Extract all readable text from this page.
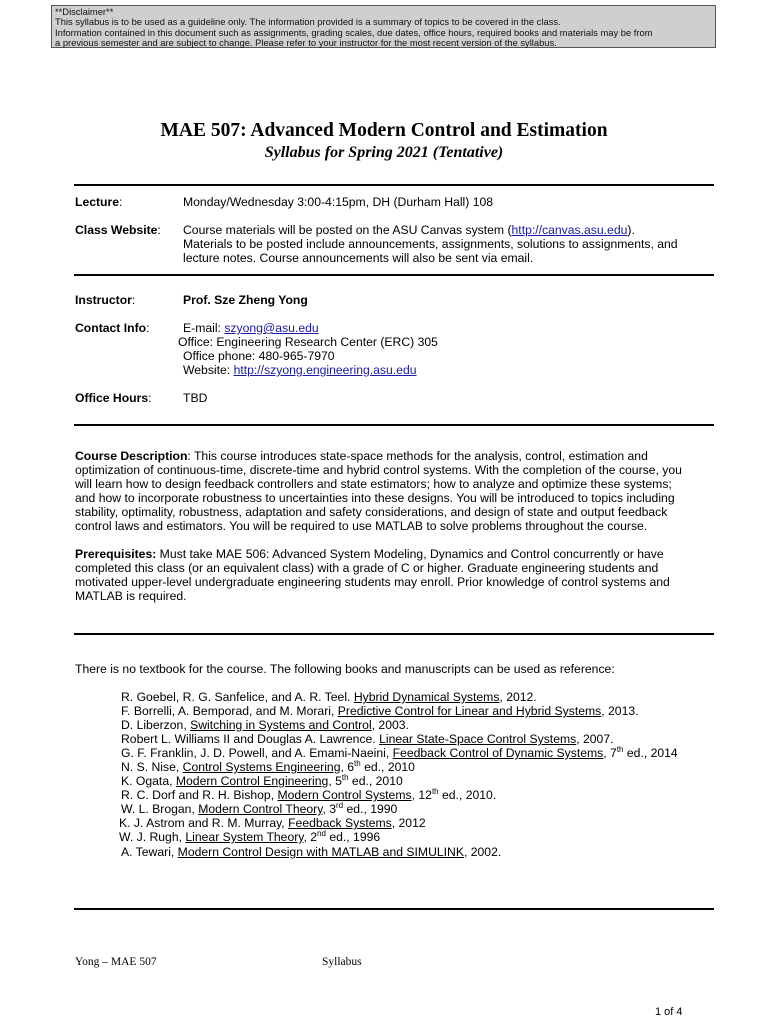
**Disclaimer**
This syllabus is to be used as a guideline only. The information provided is a summary of topics to be covered in the class.
Information contained in this document such as assignments, grading scales, due dates, office hours, required books and materials may be from
a previous semester and are subject to change. Please refer to your instructor for the most recent version of the syllabus.
MAE 507: Advanced Modern Control and Estimation
Syllabus for Spring 2021 (Tentative)
Lecture:	Monday/Wednesday 3:00-4:15pm, DH (Durham Hall) 108
Class Website: Course materials will be posted on the ASU Canvas system (http://canvas.asu.edu).
Materials to be posted include announcements, assignments, solutions to assignments, and
lecture notes. Course announcements will also be sent via email.
Instructor:	Prof. Sze Zheng Yong
Contact Info:	E-mail: szyong@asu.edu
Office: Engineering Research Center (ERC) 305
Office phone: 480-965-7970
Website: http://szyong.engineering.asu.edu
Office Hours:	TBD
Course Description: This course introduces state-space methods for the analysis, control, estimation and
optimization of continuous-time, discrete-time and hybrid control systems. With the completion of the course, you
will learn how to design feedback controllers and state estimators; how to analyze and optimize these systems;
and how to incorporate robustness to uncertainties into these designs. You will be introduced to topics including
stability, optimality, robustness, adaptation and safety considerations, and design of state and output feedback
control laws and estimators. You will be required to use MATLAB to solve problems throughout the course.
Prerequisites: Must take MAE 506: Advanced System Modeling, Dynamics and Control concurrently or have
completed this class (or an equivalent class) with a grade of C or higher. Graduate engineering students and
motivated upper-level undergraduate engineering students may enroll. Prior knowledge of control systems and
MATLAB is required.
There is no textbook for the course. The following books and manuscripts can be used as reference:
R. Goebel, R. G. Sanfelice, and A. R. Teel. Hybrid Dynamical Systems, 2012.
F. Borrelli, A. Bemporad, and M. Morari, Predictive Control for Linear and Hybrid Systems, 2013.
D. Liberzon, Switching in Systems and Control, 2003.
Robert L. Williams II and Douglas A. Lawrence. Linear State-Space Control Systems, 2007.
G. F. Franklin, J. D. Powell, and A. Emami-Naeini, Feedback Control of Dynamic Systems, 7th ed., 2014
N. S. Nise, Control Systems Engineering, 6th ed., 2010
K. Ogata, Modern Control Engineering, 5th ed., 2010
R. C. Dorf and R. H. Bishop, Modern Control Systems, 12th ed., 2010.
W. L. Brogan, Modern Control Theory, 3rd ed., 1990
K. J. Astrom and R. M. Murray, Feedback Systems, 2012
W. J. Rugh, Linear System Theory, 2nd ed., 1996
A. Tewari, Modern Control Design with MATLAB and SIMULINK, 2002.
Yong – MAE 507	Syllabus
1 of 4
